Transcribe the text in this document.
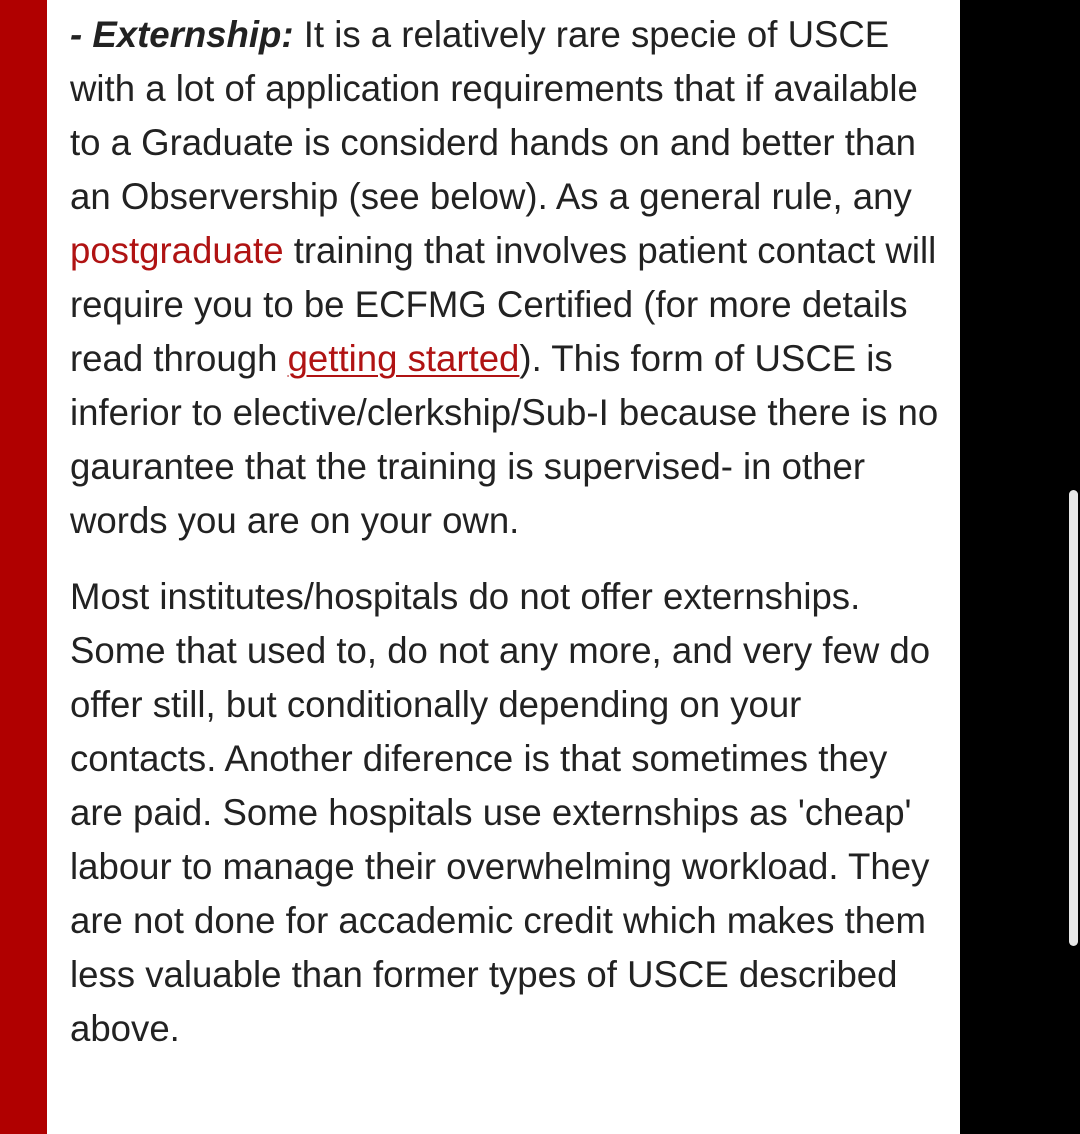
- Externship: It is a relatively rare specie of USCE with a lot of application requirements that if available to a Graduate is considerd hands on and better than an Observership (see below). As a general rule, any postgraduate training that involves patient contact will require you to be ECFMG Certified (for more details read through getting started). This form of USCE is inferior to elective/clerkship/Sub-I because there is no gaurantee that the training is supervised- in other words you are on your own.

Most institutes/hospitals do not offer externships. Some that used to, do not any more, and very few do offer still, but conditionally depending on your contacts. Another diference is that sometimes they are paid. Some hospitals use externships as 'cheap' labour to manage their overwhelming workload. They are not done for accademic credit which makes them less valuable than former types of USCE described above.
